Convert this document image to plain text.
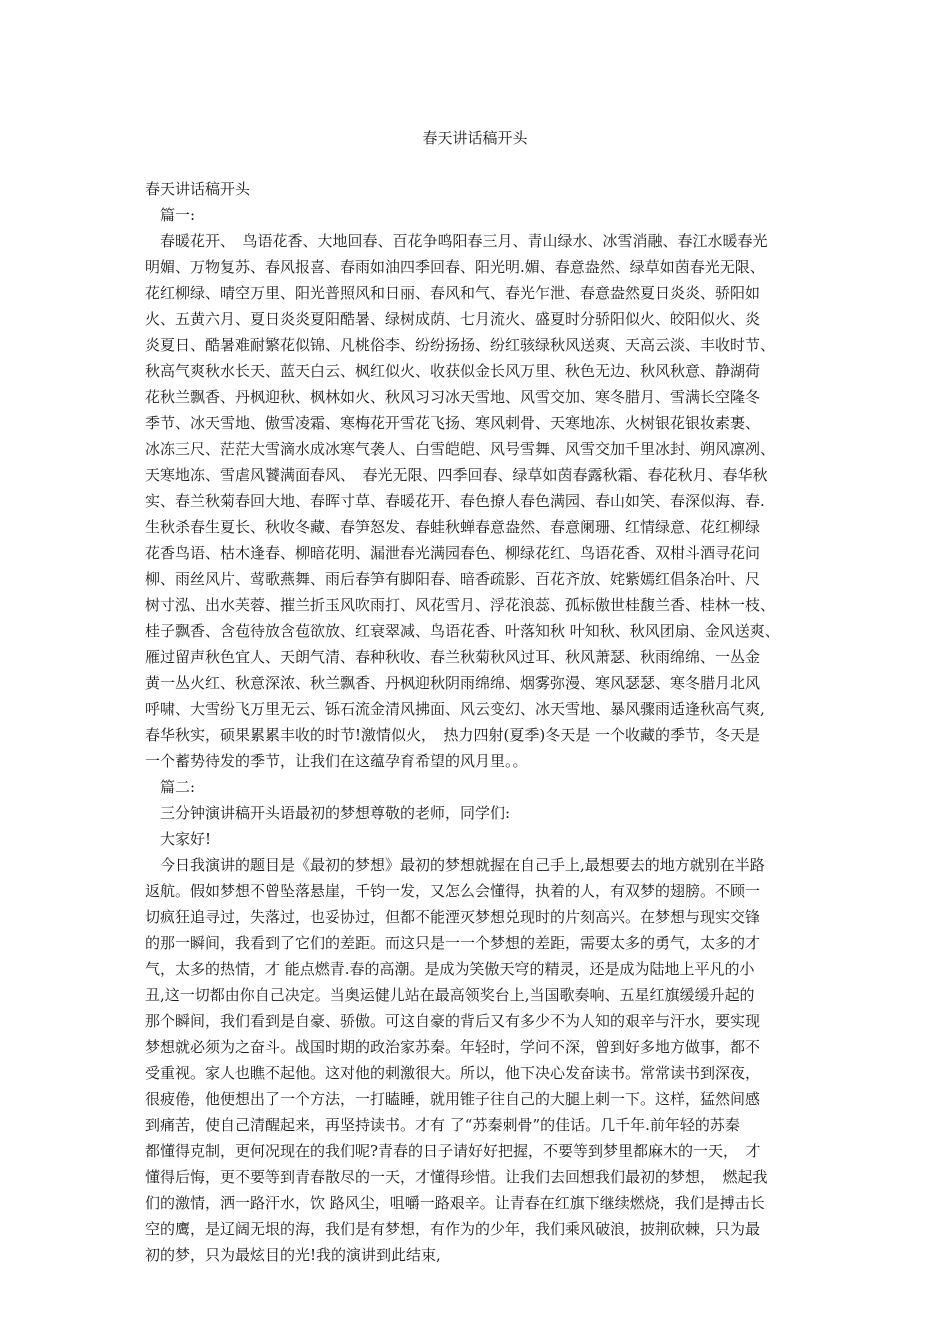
春天讲话稿开头
春天讲话稿开头
　篇一:
　春暖花开、　鸟语花香、大地回春、百花争鸣阳春三月、青山绿水、冰雪消融、春江水暖春光
明媚、万物复苏、春风报喜、春雨如油四季回春、阳光明.媚、春意盎然、绿草如茵春光无限、
花红柳绿、晴空万里、阳光普照风和日丽、春风和气、春光乍泄、春意盎然夏日炎炎、骄阳如
火、五黄六月、夏日炎炎夏阳酷暑、绿树成荫、七月流火、盛夏时分骄阳似火、皎阳似火、炎
炎夏日、酷暑难耐繁花似锦、凡桃俗李、纷纷扬扬、纷红骇绿秋风送爽、天高云淡、丰收时节、
秋高气爽秋水长天、蓝天白云、枫红似火、收获似金长风万里、秋色无边、秋风秋意、静湖荷
花秋兰飘香、丹枫迎秋、枫林如火、秋风习习冰天雪地、风雪交加、寒冬腊月、雪满长空隆冬
季节、冰天雪地、傲雪凌霜、寒梅花开雪花飞扬、寒风刺骨、天寒地冻、火树银花银妆素裹、
冰冻三尺、茫茫大雪滴水成冰寒气袭人、白雪皑皑、风号雪舞、风雪交加千里冰封、朔风凛冽、
天寒地冻、雪虐风饕满面春风、　春光无限、四季回春、绿草如茵春露秋霜、春花秋月、春华秋
实、春兰秋菊春回大地、春晖寸草、春暖花开、春色撩人春色满园、春山如笑、春深似海、春.
生秋杀春生夏长、秋收冬藏、春笋怒发、春蛙秋蝉春意盎然、春意阑珊、红情绿意、花红柳绿
花香鸟语、枯木逢春、柳暗花明、漏泄春光满园春色、柳绿花红、鸟语花香、双柑斗酒寻花问
柳、雨丝风片、莺歌燕舞、雨后春笋有脚阳春、暗香疏影、百花齐放、姹紫嫣红倡条冶叶、尺
树寸泓、出水芙蓉、摧兰折玉风吹雨打、风花雪月、浮花浪蕊、孤标傲世桂馥兰香、桂林一枝、
桂子飘香、含苞待放含苞欲放、红衰翠减、鸟语花香、叶落知秋 叶知秋、秋风团扇、金风送爽、
雁过留声秋色宜人、天朗气清、春种秋收、春兰秋菊秋风过耳、秋风萧瑟、秋雨绵绵、一丛金
黄一丛火红、秋意深浓、秋兰飘香、丹枫迎秋阴雨绵绵、烟雾弥漫、寒风瑟瑟、寒冬腊月北风
呼啸、大雪纷飞万里无云、铄石流金清风拂面、风云变幻、冰天雪地、暴风骤雨适逢秋高气爽,
春华秋实，硕果累累丰收的时节!激情似火，　热力四射(夏季)冬天是 一个收藏的季节，冬天是
一个蓄势待发的季节，让我们在这蕴孕育希望的风月里。。
　篇二:
　三分钟演讲稿开头语最初的梦想尊敬的老师，同学们:
　大家好!
　今日我演讲的题目是《最初的梦想》最初的梦想就握在自己手上,最想要去的地方就别在半路
返航。假如梦想不曾坠落悬崖，千钧一发，又怎么会懂得，执着的人，有双梦的翅膀。不顾一
切疯狂追寻过，失落过，也妥协过，但都不能湮灭梦想兑现时的片刻高兴。在梦想与现实交锋
的那一瞬间，我看到了它们的差距。而这只是一一个梦想的差距，需要太多的勇气，太多的才
气，太多的热情，才 能点燃青.春的高潮。是成为笑傲天穹的精灵，还是成为陆地上平凡的小
丑,这一切都由你自己决定。当奥运健儿站在最高领奖台上,当国歌奏响、五星红旗缓缓升起的
那个瞬间，我们看到是自豪、骄傲。可这自豪的背后又有多少不为人知的艰辛与汗水，要实现
梦想就必须为之奋斗。战国时期的政治家苏秦。年轻时，学问不深，曾到好多地方做事，都不
受重视。家人也瞧不起他。这对他的刺激很大。所以，他下决心发奋读书。常常读书到深夜，
很疲倦，他便想出了一个方法，一打瞌睡，就用锥子往自己的大腿上刺一下。这样，猛然间感
到痛苦，使自己清醒起来，再坚持读书。才有 了“苏秦刺骨”的佳话。几千年.前年轻的苏秦
都懂得克制，更何况现在的我们呢?青春的日子请好好把握，不要等到梦里都麻木的一天，　才
懂得后悔，更不要等到青春散尽的一天，才懂得珍惜。让我们去回想我们最初的梦想，　燃起我
们的激情，洒一路汗水，饮 路风尘，咀嚼一路艰辛。让青春在红旗下继续燃烧，我们是搏击长
空的鹰，是辽阔无垠的海，我们是有梦想，有作为的少年，我们乘风破浪，披荆砍棘，只为最
初的梦，只为最炫目的光!我的演讲到此结束,
